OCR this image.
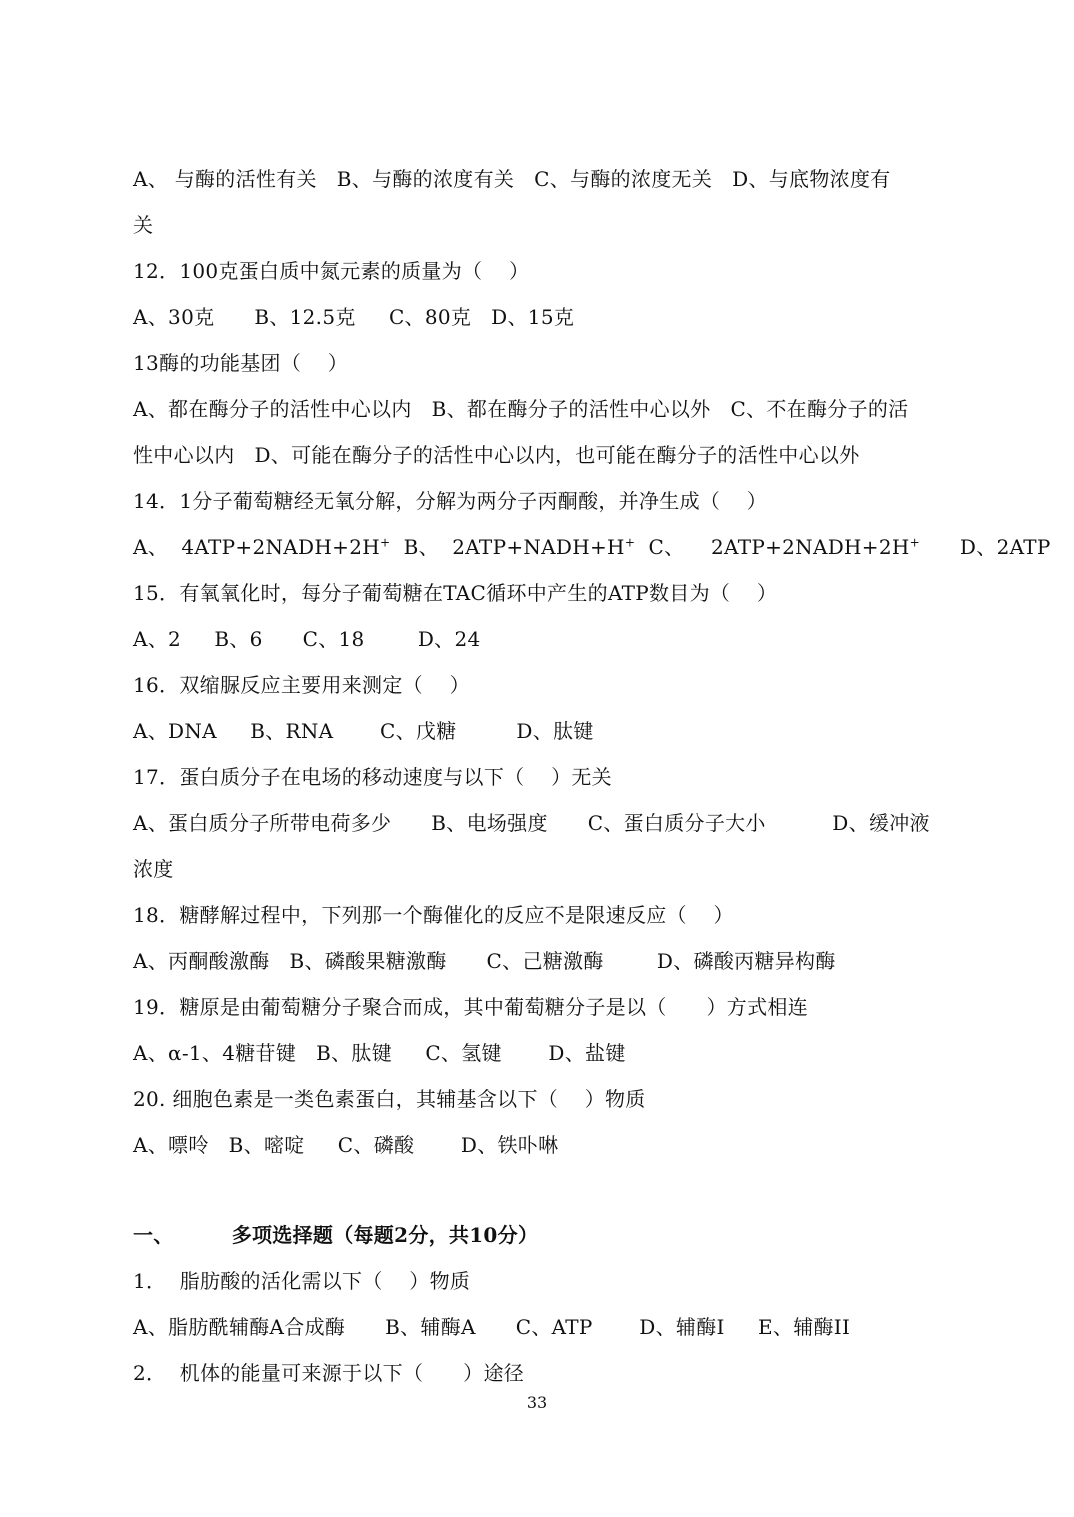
A、 与酶的活性有关   B、与酶的浓度有关   C、与酶的浓度无关   D、与底物浓度有
关
12．100克蛋白质中氮元素的质量为（    ）
A、30克      B、12.5克     C、80克   D、15克
13酶的功能基团（    ）
A、都在酶分子的活性中心以内   B、都在酶分子的活性中心以外   C、不在酶分子的活
性中心以内   D、可能在酶分子的活性中心以内，也可能在酶分子的活性中心以外
14．1分子葡萄糖经无氧分解，分解为两分子丙酮酸，并净生成（    ）
A、  4ATP+2NADH+2H+  B、  2ATP+NADH+H+  C、    2ATP+2NADH+2H+      D、2ATP
15．有氧氧化时，每分子葡萄糖在TAC循环中产生的ATP数目为（    ）
A、2     B、6      C、18        D、24
16．双缩脲反应主要用来测定（    ）
A、DNA     B、RNA       C、戊糖         D、肽键
17．蛋白质分子在电场的移动速度与以下（    ）无关
A、蛋白质分子所带电荷多少      B、电场强度      C、蛋白质分子大小          D、缓冲液
浓度
18．糖酵解过程中，下列那一个酶催化的反应不是限速反应（    ）
A、丙酮酸激酶   B、磷酸果糖激酶      C、己糖激酶        D、磷酸丙糖异构酶
19．糖原是由葡萄糖分子聚合而成，其中葡萄糖分子是以（      ）方式相连
A、α-1、4糖苷键   B、肽键     C、氢键       D、盐键
20. 细胞色素是一类色素蛋白，其辅基含以下（    ）物质
A、嘌呤   B、嘧啶     C、磷酸       D、铁卟啉
一、        多项选择题（每题2分，共10分）
1．  脂肪酸的活化需以下（    ）物质
A、脂肪酰辅酶A合成酶      B、辅酶A      C、ATP       D、辅酶I     E、辅酶II
2．  机体的能量可来源于以下（      ）途径
33
